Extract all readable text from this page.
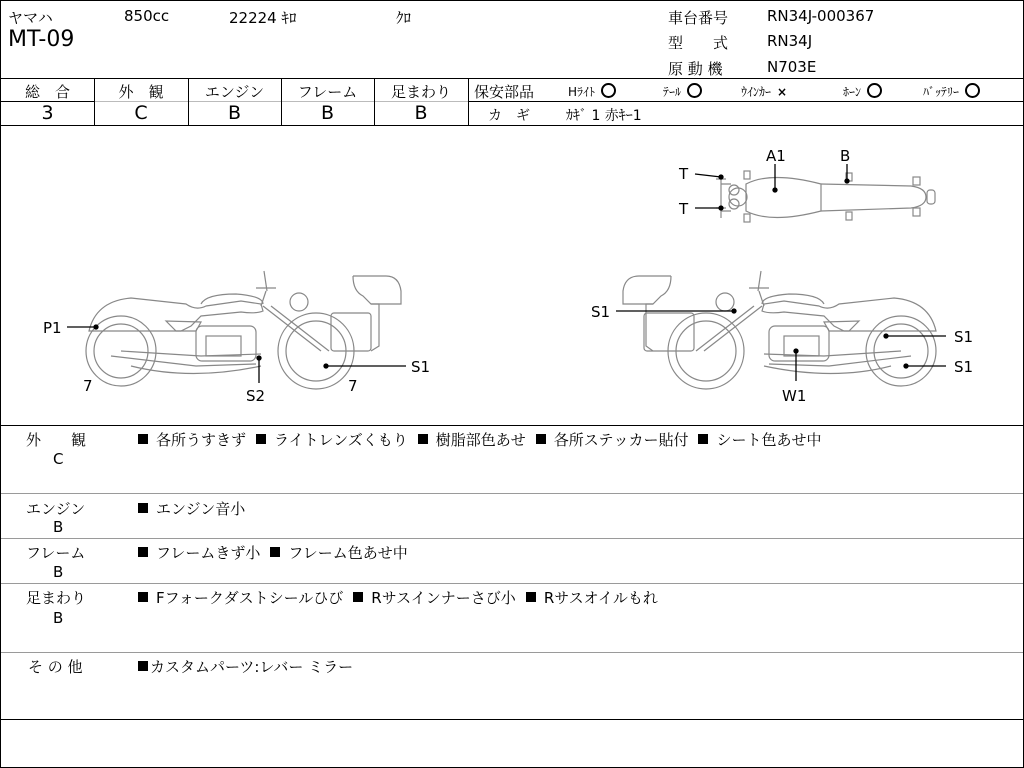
ヤマハ	850cc	22224 ｷﾛ	ｸﾛ
MT-09
車台番号	RN34J-000367
型　　式	RN34J
原 動 機	N703E
総　合
3
外　観
C
エンジン
B
フレーム
B
足まわり
B
保安部品	Hﾗｲﾄ	ﾃｰﾙ	ｳｲﾝｶｰ ×	ﾎｰﾝ	ﾊﾞｯﾃﾘｰ
カ　ギ	ｶｷﾞ 1 赤ｷｰ1
A1	B
T
T
P1
7
S2
7
S1
S1
W1
S1
S1
外　　観
C
各所うすきず ライトレンズくもり 樹脂部色あせ 各所ステッカー貼付 シート色あせ中
エンジン
B
エンジン音小
フレーム
B
フレームきず小 フレーム色あせ中
足まわり
B
Fフォークダストシールひび Rサスインナーさび小 Rサスオイルもれ
そ の 他	カスタムパーツ:レバー ミラー
